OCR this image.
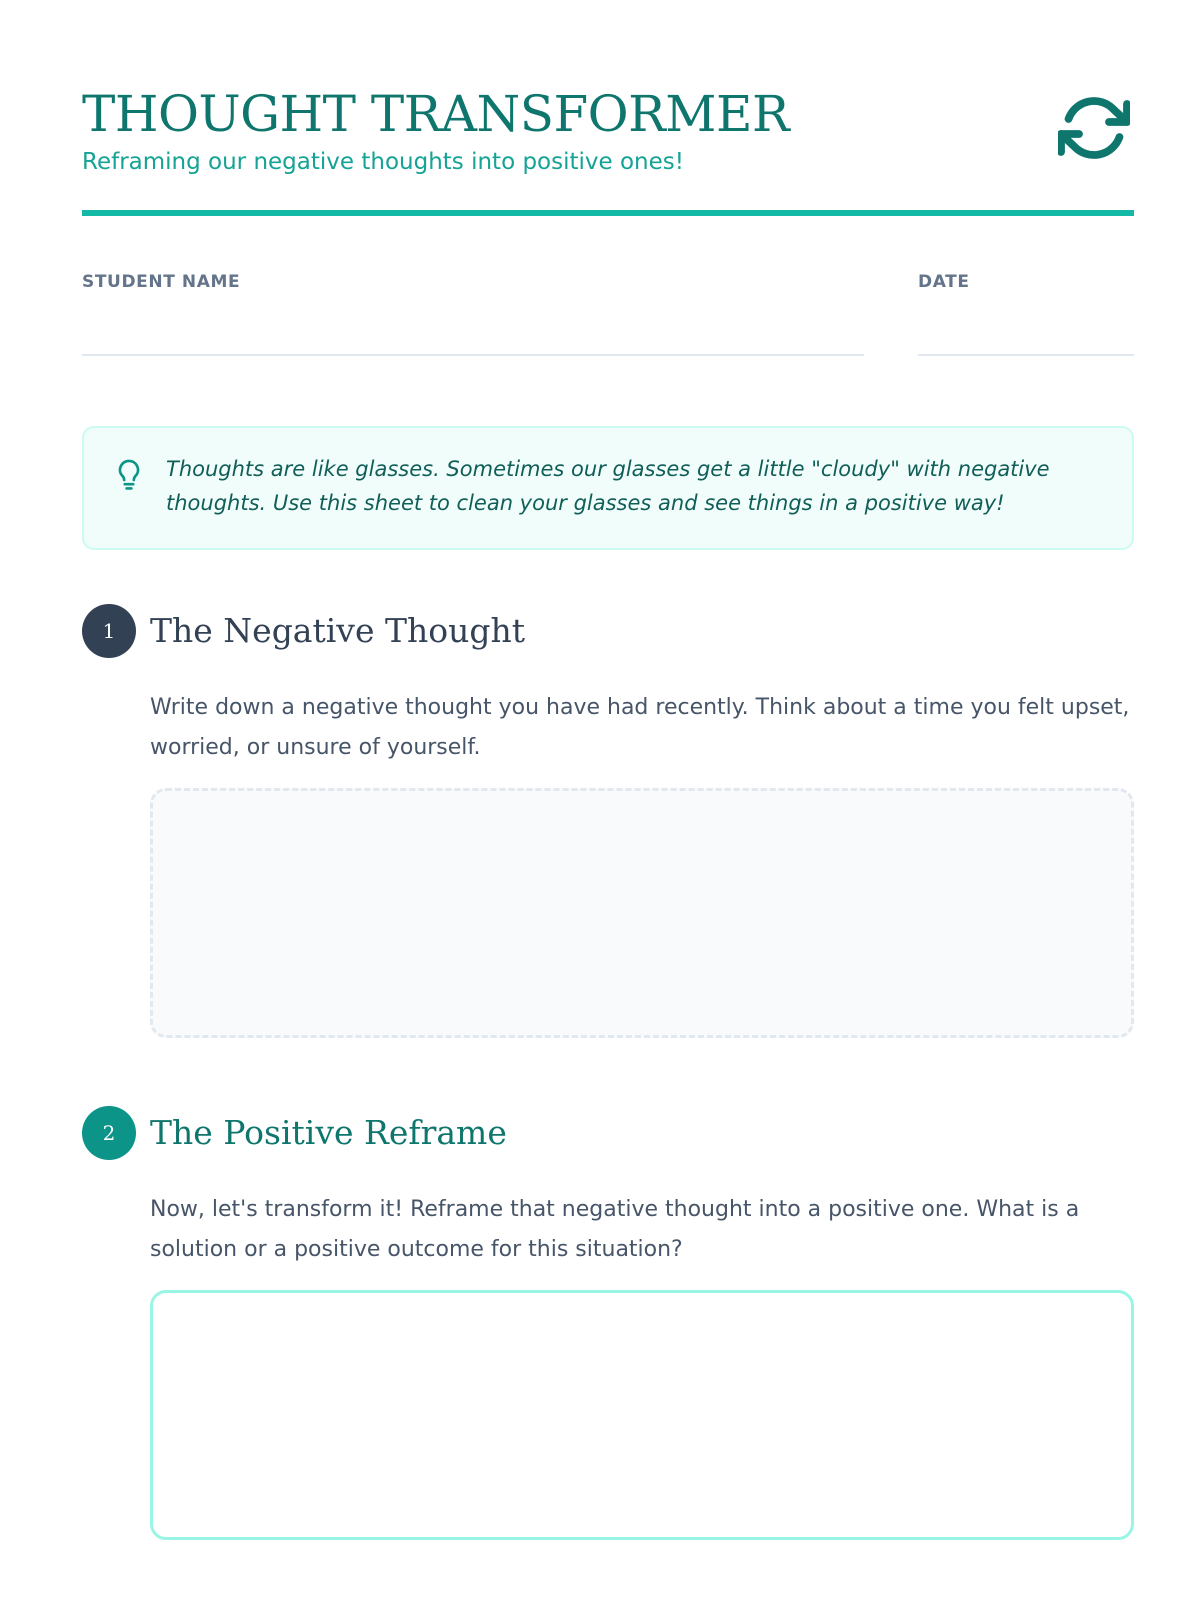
THOUGHT TRANSFORMER
Reframing our negative thoughts into positive ones!
STUDENT NAME	DATE
Thoughts are like glasses. Sometimes our glasses get a little "cloudy" with negative thoughts. Use this sheet to clean your glasses and see things in a positive way!
1	The Negative Thought
Write down a negative thought you have had recently. Think about a time you felt upset, worried, or unsure of yourself.
2	The Positive Reframe
Now, let's transform it! Reframe that negative thought into a positive one. What is a solution or a positive outcome for this situation?
